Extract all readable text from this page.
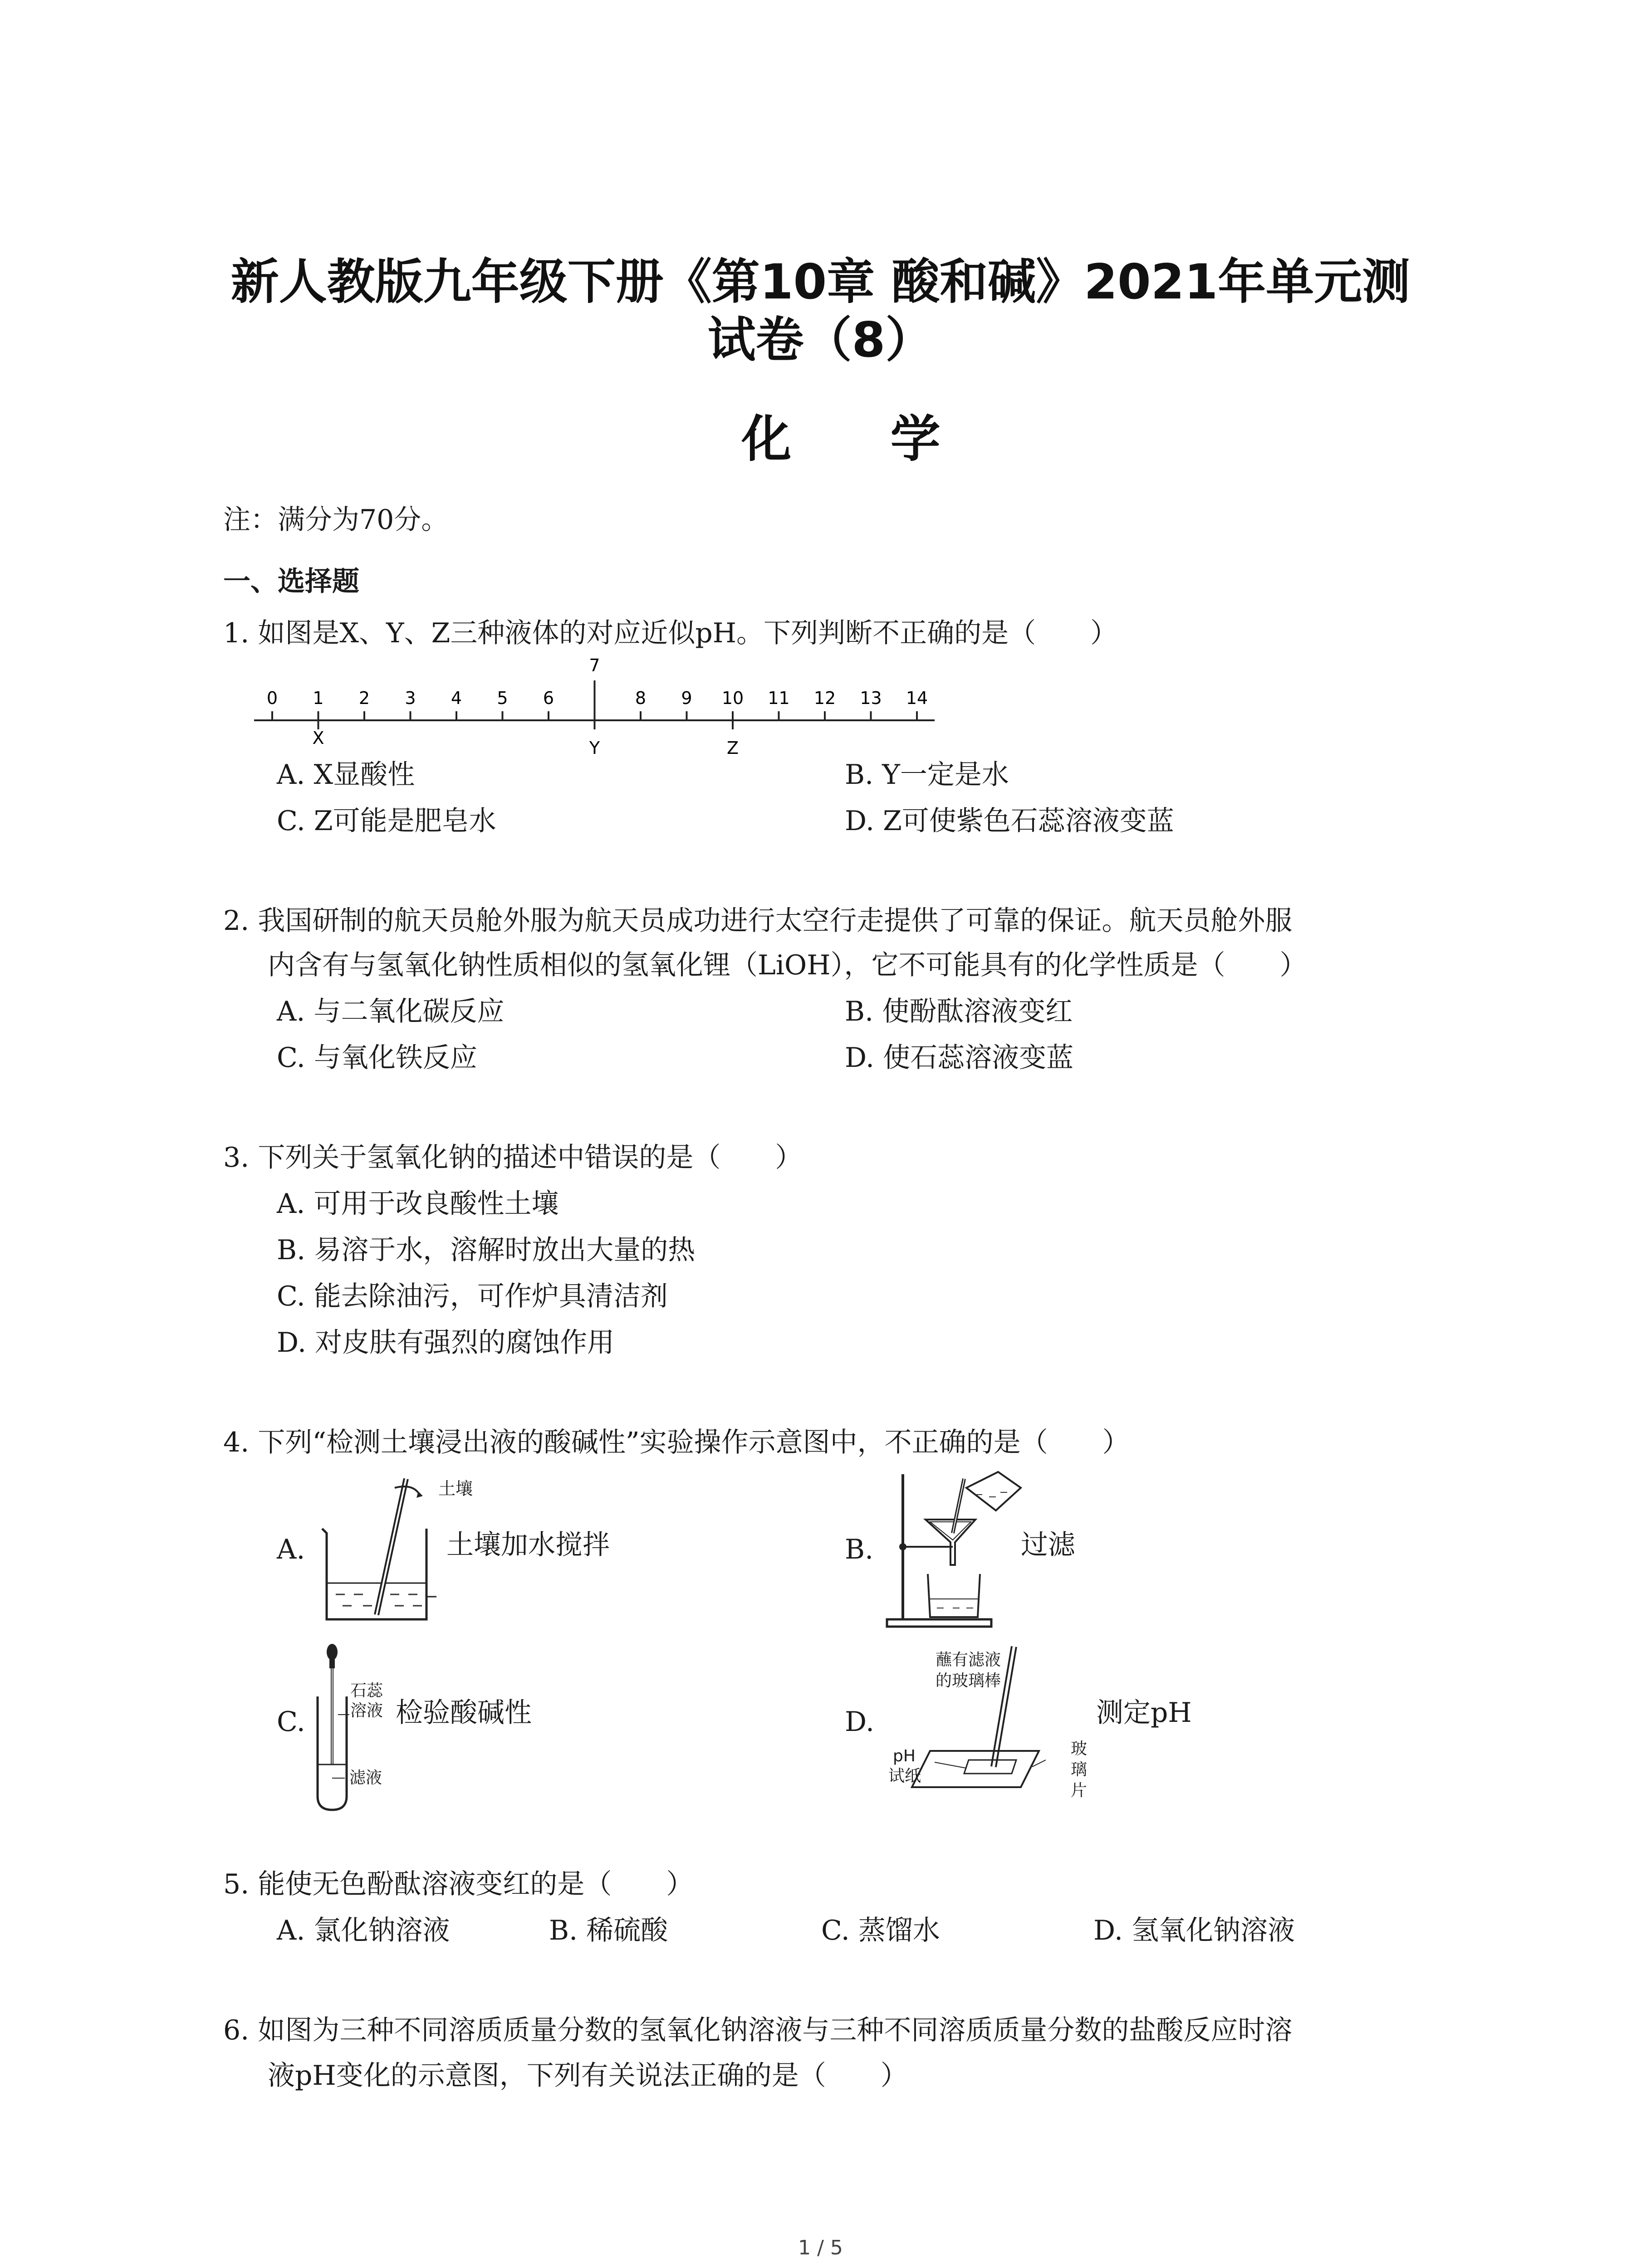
新人教版九年级下册《第10章 酸和碱》2021年单元测
试卷（8）
化 学
注：满分为70分。
一、选择题
1. 如图是X、Y、Z三种液体的对应近似pH。下列判断不正确的是（　　）
0 1 2 3 4 5 6
7
8 9 10 11 12 13 14
X	Y	Z
A. X显酸性	B. Y一定是水
C. Z可能是肥皂水	D. Z可使紫色石蕊溶液变蓝
2. 我国研制的航天员舱外服为航天员成功进行太空行走提供了可靠的保证。航天员舱外服
内含有与氢氧化钠性质相似的氢氧化锂（LiOH），它不可能具有的化学性质是（　　）
A. 与二氧化碳反应	B. 使酚酞溶液变红
C. 与氧化铁反应	D. 使石蕊溶液变蓝
3. 下列关于氢氧化钠的描述中错误的是（　　）
A. 可用于改良酸性土壤
B. 易溶于水，溶解时放出大量的热
C. 能去除油污，可作炉具清洁剂
D. 对皮肤有强烈的腐蚀作用
4. 下列“检测土壤浸出液的酸碱性”实验操作示意图中，不正确的是（　　）
A.
土壤
土壤加水搅拌	B.	过滤
C.
石蕊
溶液 检验酸碱性
滤液
D.
蘸有滤液
的玻璃棒
pH
试纸
测定pH
玻
璃
片
5. 能使无色酚酞溶液变红的是（　　）
A. 氯化钠溶液	B. 稀硫酸	C. 蒸馏水	D. 氢氧化钠溶液
6. 如图为三种不同溶质质量分数的氢氧化钠溶液与三种不同溶质质量分数的盐酸反应时溶
液pH变化的示意图，下列有关说法正确的是（　　）
1 / 5
